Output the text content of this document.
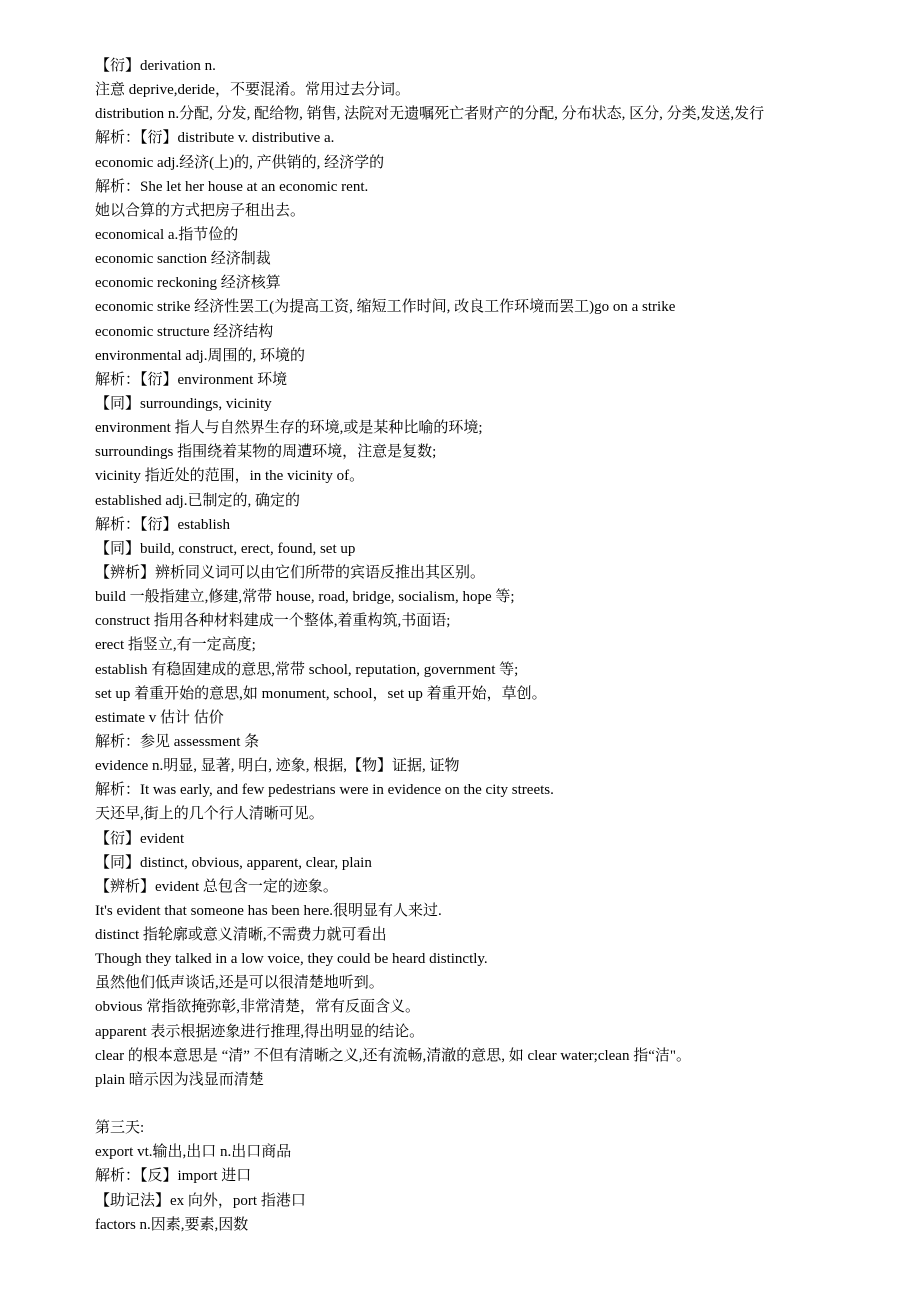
【衍】derivation n.
注意 deprive,deride，不要混淆。常用过去分词。
distribution n.分配, 分发, 配给物, 销售, 法院对无遗嘱死亡者财产的分配, 分布状态, 区分, 分类,发送,发行
解析：【衍】distribute v. distributive a.
economic adj.经济(上)的, 产供销的, 经济学的
解析：She let her house at an economic rent.
她以合算的方式把房子租出去。
economical a.指节俭的
economic sanction 经济制裁
economic reckoning 经济核算
economic strike 经济性罢工(为提高工资, 缩短工作时间, 改良工作环境而罢工)go on a strike
economic structure 经济结构
environmental adj.周围的, 环境的
解析：【衍】environment 环境
【同】surroundings, vicinity
environment 指人与自然界生存的环境,或是某种比喻的环境;
surroundings 指围绕着某物的周遭环境，注意是复数;
vicinity 指近处的范围，in the vicinity of。
established adj.已制定的, 确定的
解析：【衍】establish
【同】build, construct, erect, found, set up
【辨析】辨析同义词可以由它们所带的宾语反推出其区别。
build 一般指建立,修建,常带 house, road, bridge, socialism, hope 等;
construct 指用各种材料建成一个整体,着重构筑,书面语;
erect 指竖立,有一定高度;
establish 有稳固建成的意思,常带 school, reputation, government 等;
set up 着重开始的意思,如 monument, school，set up 着重开始，草创。
estimate v 估计 估价
解析：参见 assessment 条
evidence n.明显, 显著, 明白, 迹象, 根据,【物】证据, 证物
解析：It was early, and few pedestrians were in evidence on the city streets.
天还早,街上的几个行人清晰可见。
【衍】evident
【同】distinct, obvious, apparent, clear, plain
【辨析】evident 总包含一定的迹象。
It's evident that someone has been here.很明显有人来过.
distinct 指轮廓或意义清晰,不需费力就可看出
Though they talked in a low voice, they could be heard distinctly.
虽然他们低声谈话,还是可以很清楚地听到。
obvious 常指欲掩弥彰,非常清楚，常有反面含义。
apparent 表示根据迹象进行推理,得出明显的结论。
clear 的根本意思是 “清” 不但有清晰之义,还有流畅,清澈的意思, 如 clear water;clean 指“洁"。
plain 暗示因为浅显而清楚
第三天:
export vt.输出,出口 n.出口商品
解析：【反】import 进口
【助记法】ex 向外，port 指港口
factors n.因素,要素,因数
